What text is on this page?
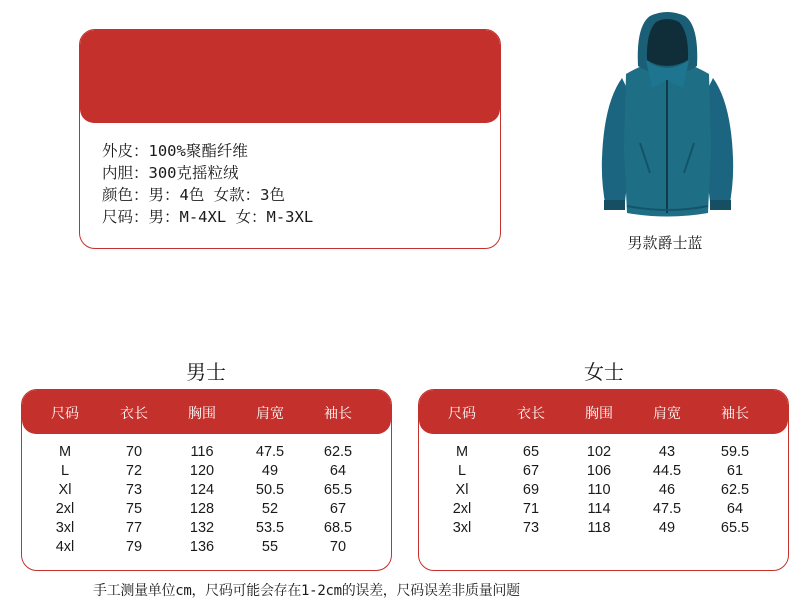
外皮：100%聚酯纤维
内胆：300克摇粒绒
颜色：男：4色 女款：3色
尺码：男：M-4XL 女：M-3XL
男款爵士蓝
男士
尺码	衣长	胸围	肩宽	袖长
M	70	116	47.5	62.5
L	72	120	49	64
Xl	73	124	50.5	65.5
2xl	75	128	52	67
3xl	77	132	53.5	68.5
4xl	79	136	55	70
女士
尺码	衣长	胸围	肩宽	袖长
M	65	102	43	59.5
L	67	106	44.5	61
Xl	69	110	46	62.5
2xl	71	114	47.5	64
3xl	73	118	49	65.5
手工测量单位cm，尺码可能会存在1-2cm的误差，尺码误差非质量问题
